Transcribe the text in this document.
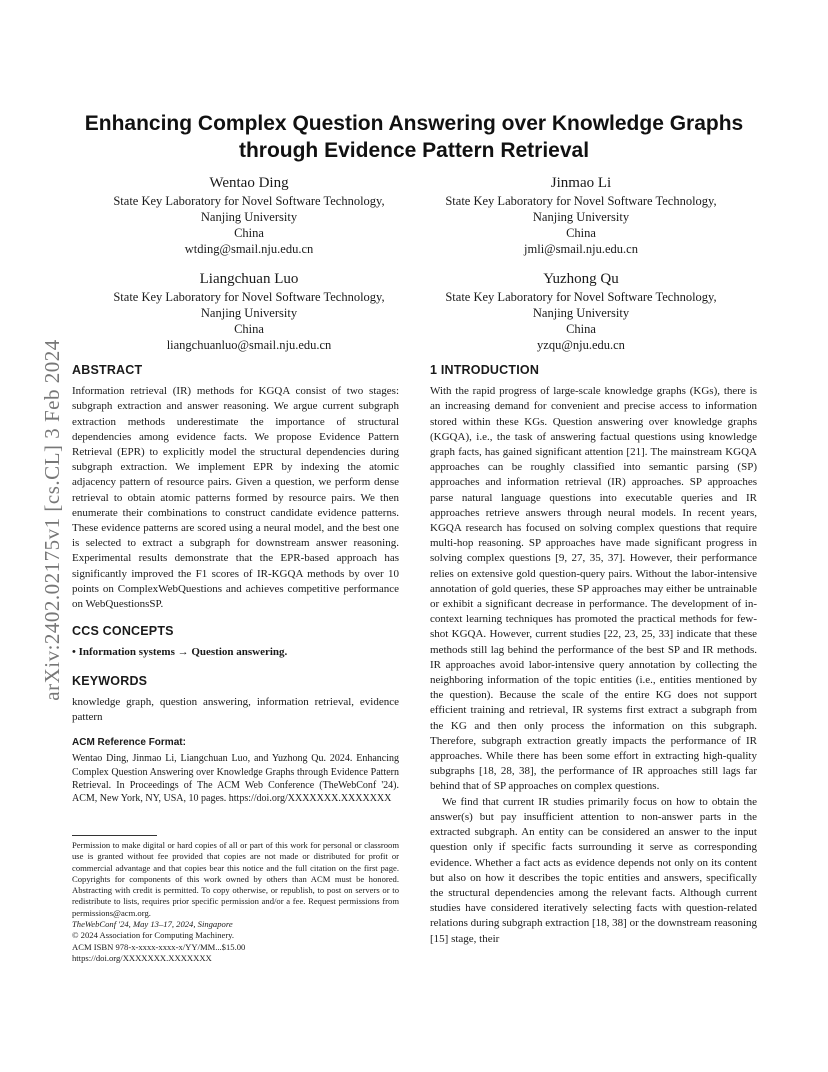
arXiv:2402.02175v1 [cs.CL] 3 Feb 2024
Enhancing Complex Question Answering over Knowledge Graphs through Evidence Pattern Retrieval
Wentao Ding
State Key Laboratory for Novel Software Technology,
Nanjing University
China
wtding@smail.nju.edu.cn
Jinmao Li
State Key Laboratory for Novel Software Technology,
Nanjing University
China
jmli@smail.nju.edu.cn
Liangchuan Luo
State Key Laboratory for Novel Software Technology,
Nanjing University
China
liangchuanluo@smail.nju.edu.cn
Yuzhong Qu
State Key Laboratory for Novel Software Technology,
Nanjing University
China
yzqu@nju.edu.cn
ABSTRACT

Information retrieval (IR) methods for KGQA consist of two stages: subgraph extraction and answer reasoning. We argue current subgraph extraction methods underestimate the importance of structural dependencies among evidence facts. We propose Evidence Pattern Retrieval (EPR) to explicitly model the structural dependencies during subgraph extraction. We implement EPR by indexing the atomic adjacency pattern of resource pairs. Given a question, we perform dense retrieval to obtain atomic patterns formed by resource pairs. We then enumerate their combinations to construct candidate evidence patterns. These evidence patterns are scored using a neural model, and the best one is selected to extract a subgraph for downstream answer reasoning. Experimental results demonstrate that the EPR-based approach has significantly improved the F1 scores of IR-KGQA methods by over 10 points on ComplexWebQuestions and achieves competitive performance on WebQuestionsSP.

CCS CONCEPTS
• Information systems → Question answering.
KEYWORDS

knowledge graph, question answering, information retrieval, evidence pattern

ACM Reference Format:
Wentao Ding, Jinmao Li, Liangchuan Luo, and Yuzhong Qu. 2024. Enhancing Complex Question Answering over Knowledge Graphs through Evidence Pattern Retrieval. In Proceedings of The ACM Web Conference (TheWebConf '24). ACM, New York, NY, USA, 10 pages. https://doi.org/XXXXXXX.XXXXXXX
Permission to make digital or hard copies of all or part of this work for personal or classroom use is granted without fee provided that copies are not made or distributed for profit or commercial advantage and that copies bear this notice and the full citation on the first page. Copyrights for components of this work owned by others than ACM must be honored. Abstracting with credit is permitted. To copy otherwise, or republish, to post on servers or to redistribute to lists, requires prior specific permission and/or a fee. Request permissions from permissions@acm.org.
TheWebConf '24, May 13–17, 2024, Singapore
© 2024 Association for Computing Machinery.
ACM ISBN 978-x-xxxx-xxxx-x/YY/MM...$15.00
https://doi.org/XXXXXXX.XXXXXXX
1 INTRODUCTION

With the rapid progress of large-scale knowledge graphs (KGs), there is an increasing demand for convenient and precise access to information stored within these KGs. Question answering over knowledge graphs (KGQA), i.e., the task of answering factual questions using knowledge graph facts, has gained significant attention [21]. The mainstream KGQA approaches can be roughly classified into semantic parsing (SP) approaches and information retrieval (IR) approaches. SP approaches parse natural language questions into executable queries and IR approaches retrieve answers through neural models. In recent years, KGQA research has focused on solving complex questions that require multi-hop reasoning. SP approaches have made significant progress in solving complex questions [9, 27, 35, 37]. However, their performance relies on extensive gold question-query pairs. Without the labor-intensive annotation of gold queries, these SP approaches may either be untrainable or exhibit a significant decrease in performance. The development of in-context learning techniques has promoted the practical methods for few-shot KGQA. However, current studies [22, 23, 25, 33] indicate that these methods still lag behind the performance of the best SP and IR methods. IR approaches avoid labor-intensive query annotation by collecting the neighboring information of the topic entities (i.e., entities mentioned by the question). Because the scale of the entire KG does not support efficient training and retrieval, IR systems first extract a subgraph from the KG and then only process the information on this subgraph. Therefore, subgraph extraction greatly impacts the performance of IR approaches. While there has been some effort in extracting high-quality subgraphs [18, 28, 38], the performance of IR approaches still lags far behind that of SP approaches on complex questions.

We find that current IR studies primarily focus on how to obtain the answer(s) but pay insufficient attention to non-answer parts in the extracted subgraph. An entity can be considered an answer to the input question only if specific facts surrounding it serve as corresponding evidence. Whether a fact acts as evidence depends not only on its content but also on how it describes the topic entities and answers, specifically the structural dependencies among the relevant facts. Although current studies have considered iteratively selecting facts with question-related relations during subgraph extraction [18, 38] or the downstream reasoning [15] stage, their
